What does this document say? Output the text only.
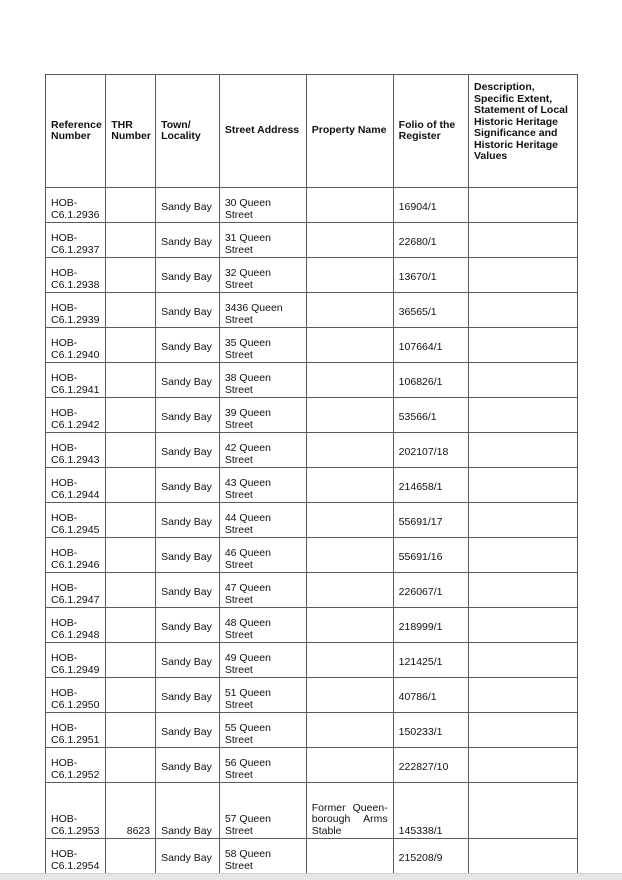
Reference Number	THR Number	Town/ Locality	Street Address	Property Name	Folio of the Register	Description, Specific Extent, Statement of Local Historic Heritage Significance and Historic Heritage Values
HOB-C6.1.2936		Sandy Bay	30 Queen Street		16904/1	
HOB-C6.1.2937		Sandy Bay	31 Queen Street		22680/1	
HOB-C6.1.2938		Sandy Bay	32 Queen Street		13670/1	
HOB-C6.1.2939		Sandy Bay	3436 Queen Street		36565/1	
HOB-C6.1.2940		Sandy Bay	35 Queen Street		107664/1	
HOB-C6.1.2941		Sandy Bay	38 Queen Street		106826/1	
HOB-C6.1.2942		Sandy Bay	39 Queen Street		53566/1	
HOB-C6.1.2943		Sandy Bay	42 Queen Street		202107/18	
HOB-C6.1.2944		Sandy Bay	43 Queen Street		214658/1	
HOB-C6.1.2945		Sandy Bay	44 Queen Street		55691/17	
HOB-C6.1.2946		Sandy Bay	46 Queen Street		55691/16	
HOB-C6.1.2947		Sandy Bay	47 Queen Street		226067/1	
HOB-C6.1.2948		Sandy Bay	48 Queen Street		218999/1	
HOB-C6.1.2949		Sandy Bay	49 Queen Street		121425/1	
HOB-C6.1.2950		Sandy Bay	51 Queen Street		40786/1	
HOB-C6.1.2951		Sandy Bay	55 Queen Street		150233/1	
HOB-C6.1.2952		Sandy Bay	56 Queen Street		222827/10	
HOB-C6.1.2953	8623	Sandy Bay	57 Queen Street	Former Queen-borough Arms Stable	145338/1	
HOB-C6.1.2954		Sandy Bay	58 Queen Street		215208/9	
